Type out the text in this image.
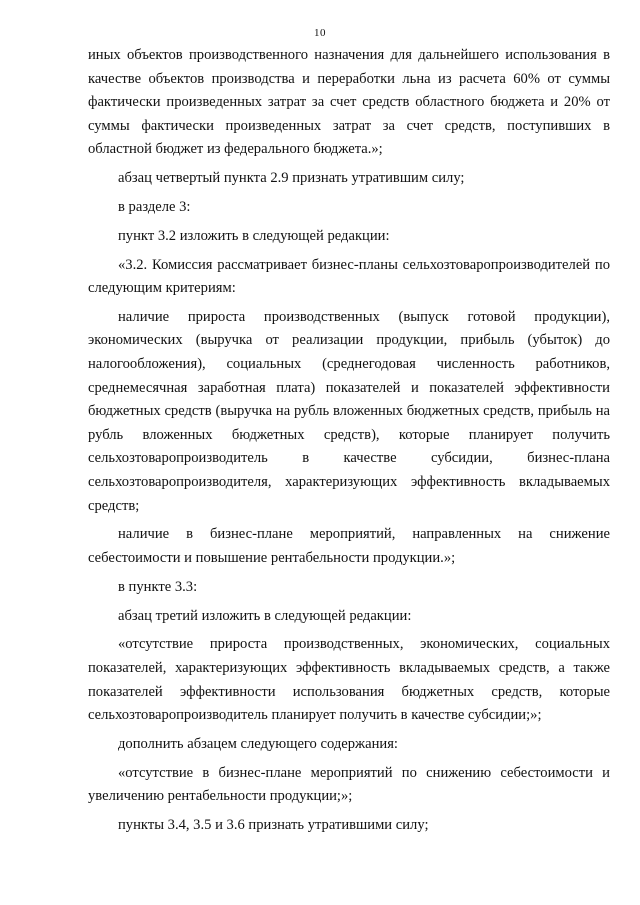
10

иных объектов производственного назначения для дальнейшего использования в качестве объектов производства и переработки льна из расчета 60% от суммы фактически произведенных затрат за счет средств областного бюджета и 20% от суммы фактически произведенных затрат за счет средств, поступивших в областной бюджет из федерального бюджета.»;

абзац четвертый пункта 2.9 признать утратившим силу;

в разделе 3:

пункт 3.2 изложить в следующей редакции:

«3.2. Комиссия рассматривает бизнес-планы сельхозтоваропроизводителей по следующим критериям:

наличие прироста производственных (выпуск готовой продукции), экономических (выручка от реализации продукции, прибыль (убыток) до налогообложения), социальных (среднегодовая численность работников, среднемесячная заработная плата) показателей и показателей эффективности бюджетных средств (выручка на рубль вложенных бюджетных средств, прибыль на рубль вложенных бюджетных средств), которые планирует получить сельхозтоваропроизводитель в качестве субсидии, бизнес-плана сельхозтоваропроизводителя, характеризующих эффективность вкладываемых средств;

наличие в бизнес-плане мероприятий, направленных на снижение себестоимости и повышение рентабельности продукции.»;

в пункте 3.3:

абзац третий изложить в следующей редакции:

«отсутствие прироста производственных, экономических, социальных показателей, характеризующих эффективность вкладываемых средств, а также показателей эффективности использования бюджетных средств, которые сельхозтоваропроизводитель планирует получить в качестве субсидии;»;

дополнить абзацем следующего содержания:

«отсутствие в бизнес-плане мероприятий по снижению себестоимости и увеличению рентабельности продукции;»;

пункты 3.4, 3.5 и 3.6 признать утратившими силу;
